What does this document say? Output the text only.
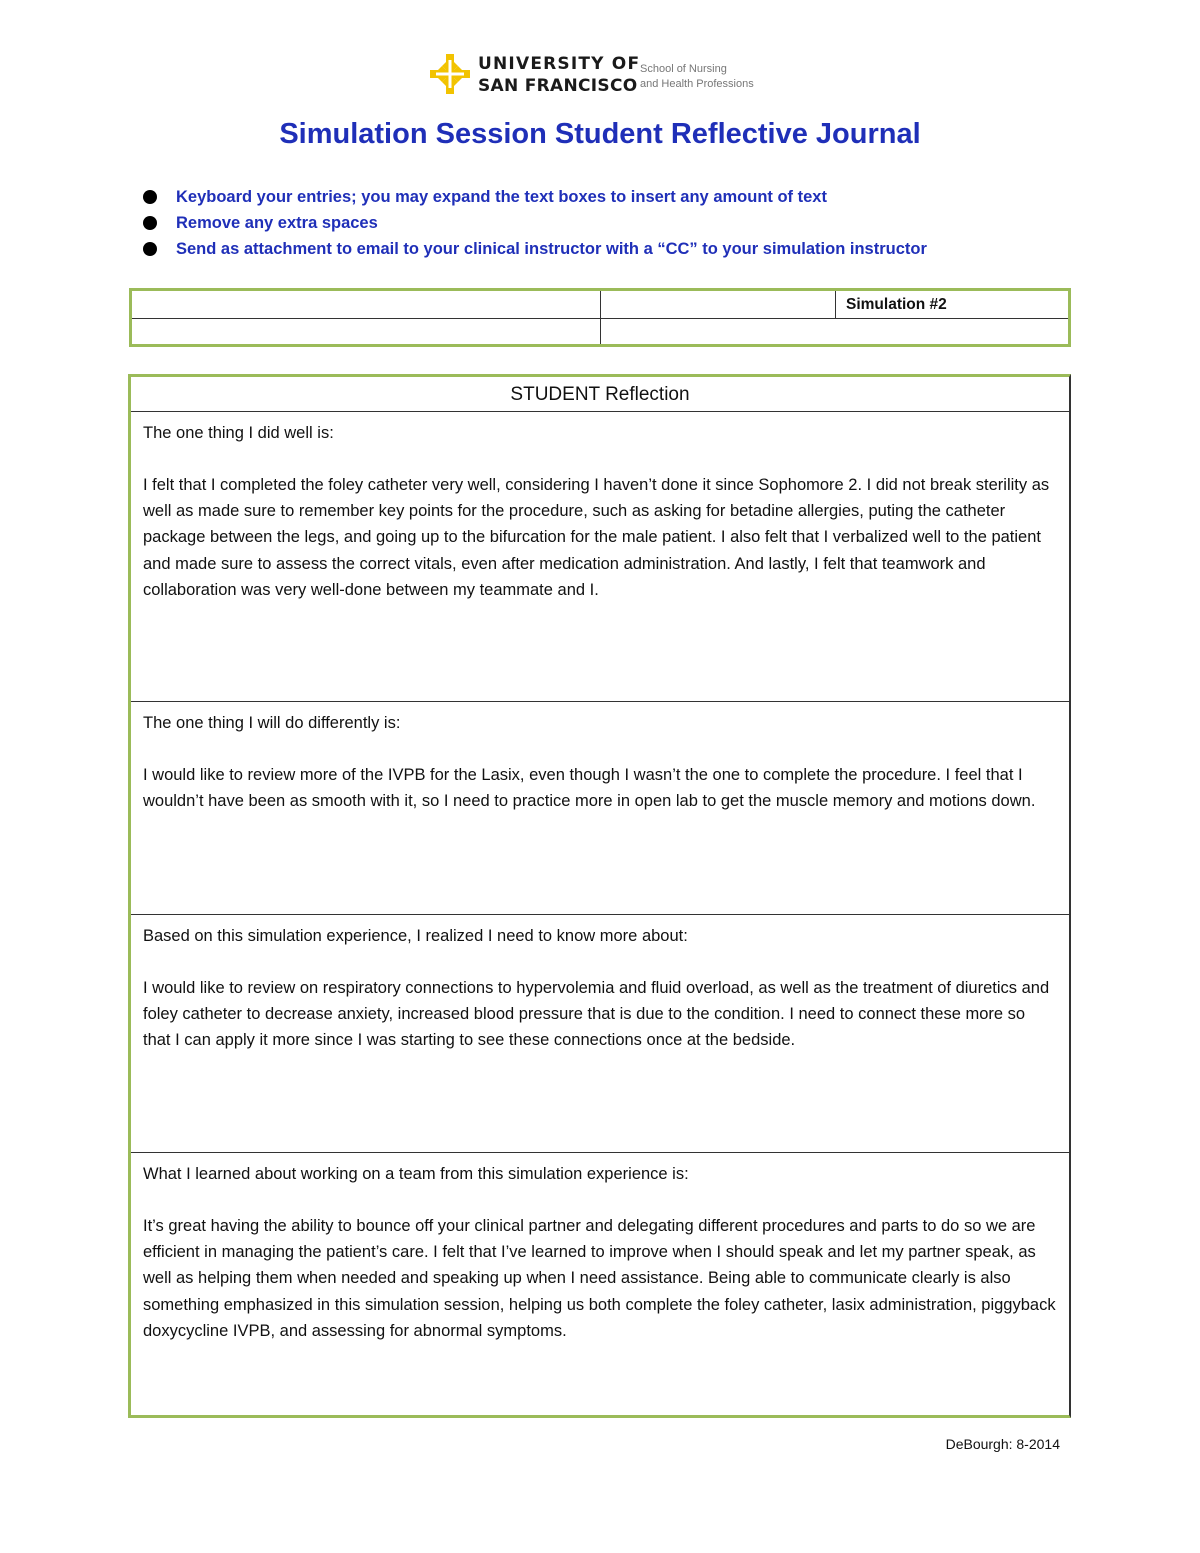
UNIVERSITY OF
SAN FRANCISCO
School of Nursing
and Health Professions
Simulation Session Student Reflective Journal
Keyboard your entries; you may expand the text boxes to insert any amount of text
Remove any extra spaces
Send as attachment to email to your clinical instructor with a “CC” to your simulation instructor
Simulation #2
STUDENT Reflection

The one thing I did well is:

I felt that I completed the foley catheter very well, considering I haven’t done it since Sophomore 2. I did not break sterility as well as made sure to remember key points for the procedure, such as asking for betadine allergies, puting the catheter package between the legs, and going up to the bifurcation for the male patient. I also felt that I verbalized well to the patient and made sure to assess the correct vitals, even after medication administration. And lastly, I felt that teamwork and collaboration was very well-done between my teammate and I.

The one thing I will do differently is:

I would like to review more of the IVPB for the Lasix, even though I wasn’t the one to complete the procedure. I feel that I wouldn’t have been as smooth with it, so I need to practice more in open lab to get the muscle memory and motions down.

Based on this simulation experience, I realized I need to know more about:

I would like to review on respiratory connections to hypervolemia and fluid overload, as well as the treatment of diuretics and foley catheter to decrease anxiety, increased blood pressure that is due to the condition. I need to connect these more so that I can apply it more since I was starting to see these connections once at the bedside.

What I learned about working on a team from this simulation experience is:

It’s great having the ability to bounce off your clinical partner and delegating different procedures and parts to do so we are efficient in managing the patient’s care. I felt that I’ve learned to improve when I should speak and let my partner speak, as well as helping them when needed and speaking up when I need assistance. Being able to communicate clearly is also something emphasized in this simulation session, helping us both complete the foley catheter, lasix administration, piggyback doxycycline IVPB, and assessing for abnormal symptoms.

DeBourgh: 8-2014
